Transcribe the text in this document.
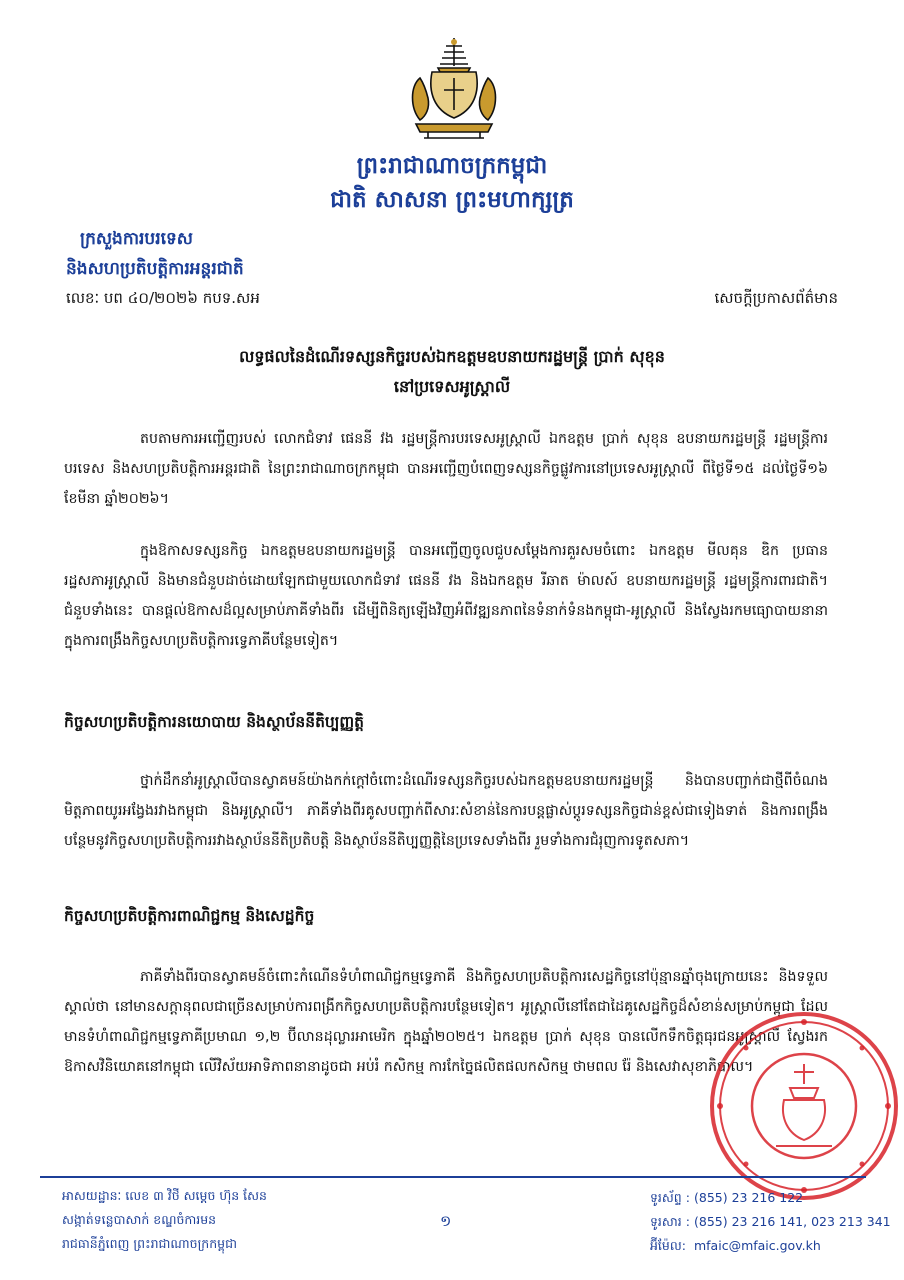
ព្រះរាជាណាចក្រកម្ពុជា
ជាតិ សាសនា ព្រះមហាក្សត្រ
ក្រសួងការបរទេស
និងសហប្រតិបត្តិការអន្តរជាតិ
លេខៈ បព ៤០/២០២៦ កបទ.សអ	សេចក្តីប្រកាសព័ត៌មាន
លទ្ធផលនៃដំណើរទស្សនកិច្ចរបស់ឯកឧត្តមឧបនាយករដ្ឋមន្ត្រី ប្រាក់ សុខុន
នៅប្រទេសអូស្ត្រាលី
តបតាមការអញ្ជើញរបស់ លោកជំទាវ ផេននី វង រដ្ឋមន្ត្រីការបរទេសអូស្ត្រាលី ឯកឧត្តម ប្រាក់ សុខុន ឧបនាយករដ្ឋមន្ត្រី រដ្ឋមន្ត្រីការបរទេស និងសហប្រតិបត្តិការអន្តរជាតិ នៃព្រះរាជាណាចក្រកម្ពុជា បានអញ្ជើញបំពេញទស្សនកិច្ចផ្លូវការនៅប្រទេសអូស្ត្រាលី ពីថ្ងៃទី១៥ ដល់ថ្ងៃទី១៦ ខែមីនា ឆ្នាំ២០២៦។
ក្នុងឱកាសទស្សនកិច្ច ឯកឧត្តមឧបនាយករដ្ឋមន្ត្រី បានអញ្ជើញចូលជួបសម្តែងការគួរសមចំពោះ ឯកឧត្តម មីលគុន ឌិក ប្រធានរដ្ឋសភាអូស្ត្រាលី និងមានជំនួបដាច់ដោយឡែកជាមួយលោកជំទាវ ផេននី វង និងឯកឧត្តម រីឆាត ម៉ាលស៍ ឧបនាយករដ្ឋមន្ត្រី រដ្ឋមន្ត្រីការពារជាតិ។ ជំនួបទាំងនេះ បានផ្តល់ឱកាសដ៏ល្អសម្រាប់ភាគីទាំងពីរ ដើម្បីពិនិត្យឡើងវិញអំពីវឌ្ឍនភាពនៃទំនាក់ទំនងកម្ពុជា-អូស្ត្រាលី និងស្វែងរកមធ្យោបាយនានាក្នុងការពង្រឹងកិច្ចសហប្រតិបត្តិការទ្វេភាគីបន្ថែមទៀត។
កិច្ចសហប្រតិបត្តិការនយោបាយ និងស្ថាប័ននីតិប្បញ្ញត្តិ
ថ្នាក់ដឹកនាំអូស្ត្រាលីបានស្វាគមន៍យ៉ាងកក់ក្តៅចំពោះដំណើរទស្សនកិច្ចរបស់ឯកឧត្តមឧបនាយករដ្ឋមន្ត្រី និងបានបញ្ជាក់ជាថ្មីពីចំណងមិត្តភាពយូរអង្វែងរវាងកម្ពុជា និងអូស្ត្រាលី។ ភាគីទាំងពីរគូសបញ្ជាក់ពីសារៈសំខាន់នៃការបន្តផ្លាស់ប្តូរទស្សនកិច្ចជាន់ខ្ពស់ជាទៀងទាត់ និងការពង្រឹងបន្ថែមនូវកិច្ចសហប្រតិបត្តិការរវាងស្ថាប័ននីតិប្រតិបត្តិ និងស្ថាប័ននីតិប្បញ្ញត្តិនៃប្រទេសទាំងពីរ រួមទាំងការជំរុញការទូតសភា។
កិច្ចសហប្រតិបត្តិការពាណិជ្ជកម្ម និងសេដ្ឋកិច្ច
ភាគីទាំងពីរបានស្វាគមន៍ចំពោះកំណើនទំហំពាណិជ្ជកម្មទ្វេភាគី និងកិច្ចសហប្រតិបត្តិការសេដ្ឋកិច្ចនៅប៉ុន្មានឆ្នាំចុងក្រោយនេះ និងទទួលស្គាល់ថា នៅមានសក្តានុពលជាច្រើនសម្រាប់ការពង្រីកកិច្ចសហប្រតិបត្តិការបន្ថែមទៀត។ អូស្ត្រាលីនៅតែជាដៃគូសេដ្ឋកិច្ចដ៏សំខាន់សម្រាប់កម្ពុជា ដែលមានទំហំពាណិជ្ជកម្មទ្វេភាគីប្រមាណ ១,២ ប៊ីលានដុល្លារអាមេរិក ក្នុងឆ្នាំ២០២៥។ ឯកឧត្តម ប្រាក់ សុខុន បានលើកទឹកចិត្តធុរជនអូស្ត្រាលី ស្វែងរកឱកាសវិនិយោគនៅកម្ពុជា លើវិស័យអាទិភាពនានាដូចជា អប់រំ កសិកម្ម ការកែច្នៃផលិតផលកសិកម្ម ថាមពល រ៉ែ និងសេវាសុខាភិបាល។
អាសយដ្ឋានៈ លេខ ៣ វិថី សម្តេច ហ៊ុន សែន
សង្កាត់ទន្លេបាសាក់ ខណ្ឌចំការមន
រាជធានីភ្នំពេញ ព្រះរាជាណាចក្រកម្ពុជា
១
ទូរស័ព្ទ : (855) 23 216 122
ទូរសារ : (855) 23 216 141, 023 213 341
អ៊ីម៉ែល: mfaic@mfaic.gov.kh
